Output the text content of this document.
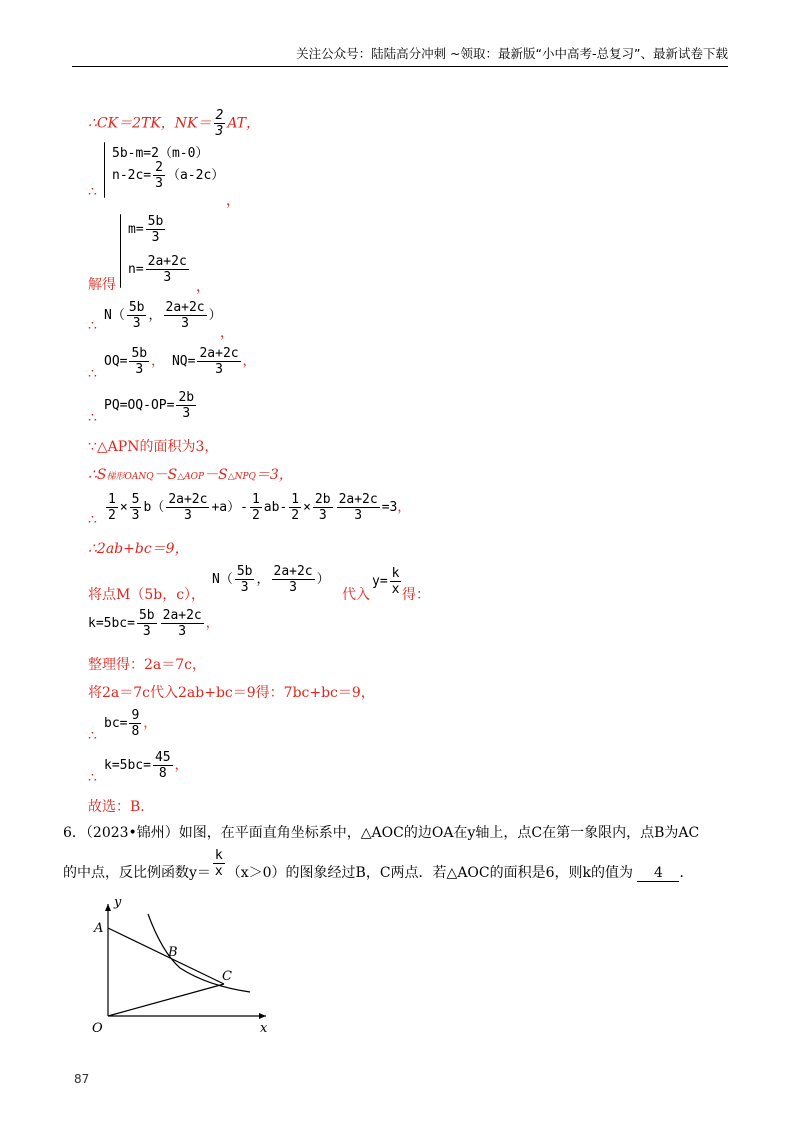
关注公众号：陆陆高分冲刺 ~领取：最新版“小中高考-总复习”、最新试卷下载
∴CK＝2TK，$NK= \frac{2}{3}$ AT，
∴
5b-m=2（m-0）
$n-2c= \frac{2}{3} (a-2c)$
，
解得
$m= \frac{5b}{3}$
$n= \frac{2a+2c}{3}$
，
∴
$N( \frac{5b}{3}$ ， $\frac{2a+2c}{3}$ ）
，
∴
$OQ= \frac{5b}{3}$ ， $NQ= \frac{2a+2c}{3}$ ，
∴
$PQ=OQ-OP= \frac{2b}{3}$
∵△APN的面积为3，
∴S梯形OANQ－S△AOP－S△NPQ＝3，
∴ $\frac{1}{2} \times \frac{5}{3} b( \frac{2a+2c}{3} +a)- \frac{1}{2} ab- \frac{1}{2} \times \frac{2b}{3} \frac{2a+2c}{3} =3$，
∴2ab+bc＝9，
将点M（5b，c），
$N( \frac{5b}{3}$ ， $\frac{2a+2c}{3}$ ）
代入
$y= \frac{k}{x}$ 得：
$k=5bc= \frac{5b}{3} \frac{2a+2c}{3}$ ，
整理得：2a＝7c，
将2a＝7c代入2ab+bc＝9得：7bc+bc＝9，
∴
$bc= \frac{9}{8}$ ，
∴
$k=5bc= \frac{45}{8}$ ，
故选：B.
6．（2023•锦州）如图，在平面直角坐标系中，△AOC的边OA在y轴上，点C在第一象限内，点B为AC
的中点，反比例函数$y= \frac{k}{x} (x>0)$的图象经过B，C两点．若△AOC的面积是6，则k的值为 4 ．
y
x
O
A
B
C
87
